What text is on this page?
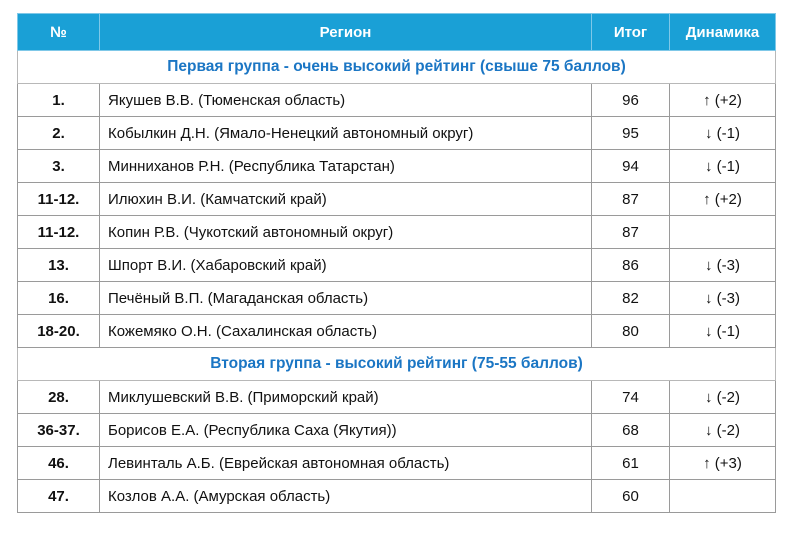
№	Регион	Итог	Динамика
Первая группа - очень высокий рейтинг (свыше 75 баллов)			
1.	Якушев В.В. (Тюменская область)	96	↑ (+2)
2.	Кобылкин Д.Н. (Ямало-Ненецкий автономный округ)	95	↓ (-1)
3.	Минниханов Р.Н. (Республика Татарстан)	94	↓ (-1)
11-12.	Илюхин В.И. (Камчатский край)	87	↑ (+2)
11-12.	Копин Р.В. (Чукотский автономный округ)	87	
13.	Шпорт В.И. (Хабаровский край)	86	↓ (-3)
16.	Печёный В.П. (Магаданская область)	82	↓ (-3)
18-20.	Кожемяко О.Н. (Сахалинская область)	80	↓ (-1)
Вторая группа - высокий рейтинг (75-55 баллов)			
28.	Миклушевский В.В. (Приморский край)	74	↓ (-2)
36-37.	Борисов Е.А. (Республика Саха (Якутия))	68	↓ (-2)
46.	Левинталь А.Б. (Еврейская автономная область)	61	↑ (+3)
47.	Козлов А.А. (Амурская область)	60	
